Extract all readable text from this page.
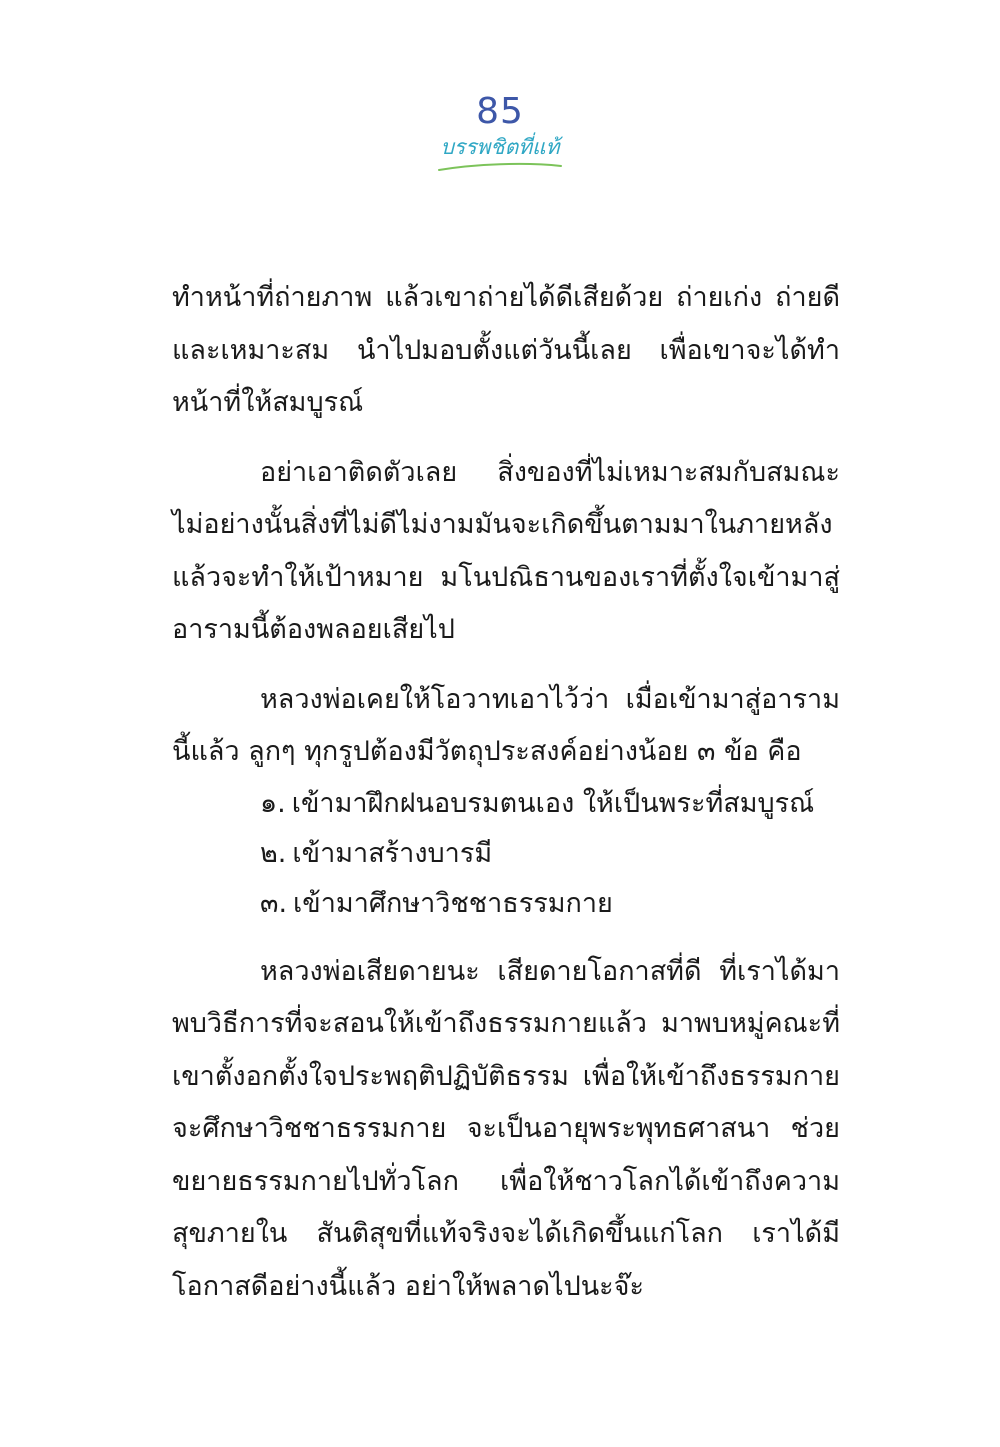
85
บรรพชิตที่แท้

ทำหน้าที่ถ่ายภาพ แล้วเขาถ่ายได้ดีเสียด้วย ถ่ายเก่ง ถ่ายดี และเหมาะสม นำไปมอบตั้งแต่วันนี้เลย เพื่อเขาจะได้ทำหน้าที่ให้สมบูรณ์

อย่าเอาติดตัวเลย สิ่งของที่ไม่เหมาะสมกับสมณะ ไม่อย่างนั้นสิ่งที่ไม่ดีไม่งามมันจะเกิดขึ้นตามมาในภายหลัง แล้วจะทำให้เป้าหมาย มโนปณิธานของเราที่ตั้งใจเข้ามาสู่อารามนี้ต้องพลอยเสียไป

หลวงพ่อเคยให้โอวาทเอาไว้ว่า เมื่อเข้ามาสู่อารามนี้แล้ว ลูกๆ ทุกรูปต้องมีวัตถุประสงค์อย่างน้อย ๓ ข้อ คือ

๑. เข้ามาฝึกฝนอบรมตนเอง ให้เป็นพระที่สมบูรณ์
๒. เข้ามาสร้างบารมี
๓. เข้ามาศึกษาวิชชาธรรมกาย

หลวงพ่อเสียดายนะ เสียดายโอกาสที่ดี ที่เราได้มาพบวิธีการที่จะสอนให้เข้าถึงธรรมกายแล้ว มาพบหมู่คณะที่เขาตั้งอกตั้งใจประพฤติปฏิบัติธรรม เพื่อให้เข้าถึงธรรมกาย จะศึกษาวิชชาธรรมกาย จะเป็นอายุพระพุทธศาสนา ช่วยขยายธรรมกายไปทั่วโลก เพื่อให้ชาวโลกได้เข้าถึงความสุขภายใน สันติสุขที่แท้จริงจะได้เกิดขึ้นแก่โลก เราได้มีโอกาสดีอย่างนี้แล้ว อย่าให้พลาดไปนะจ๊ะ
